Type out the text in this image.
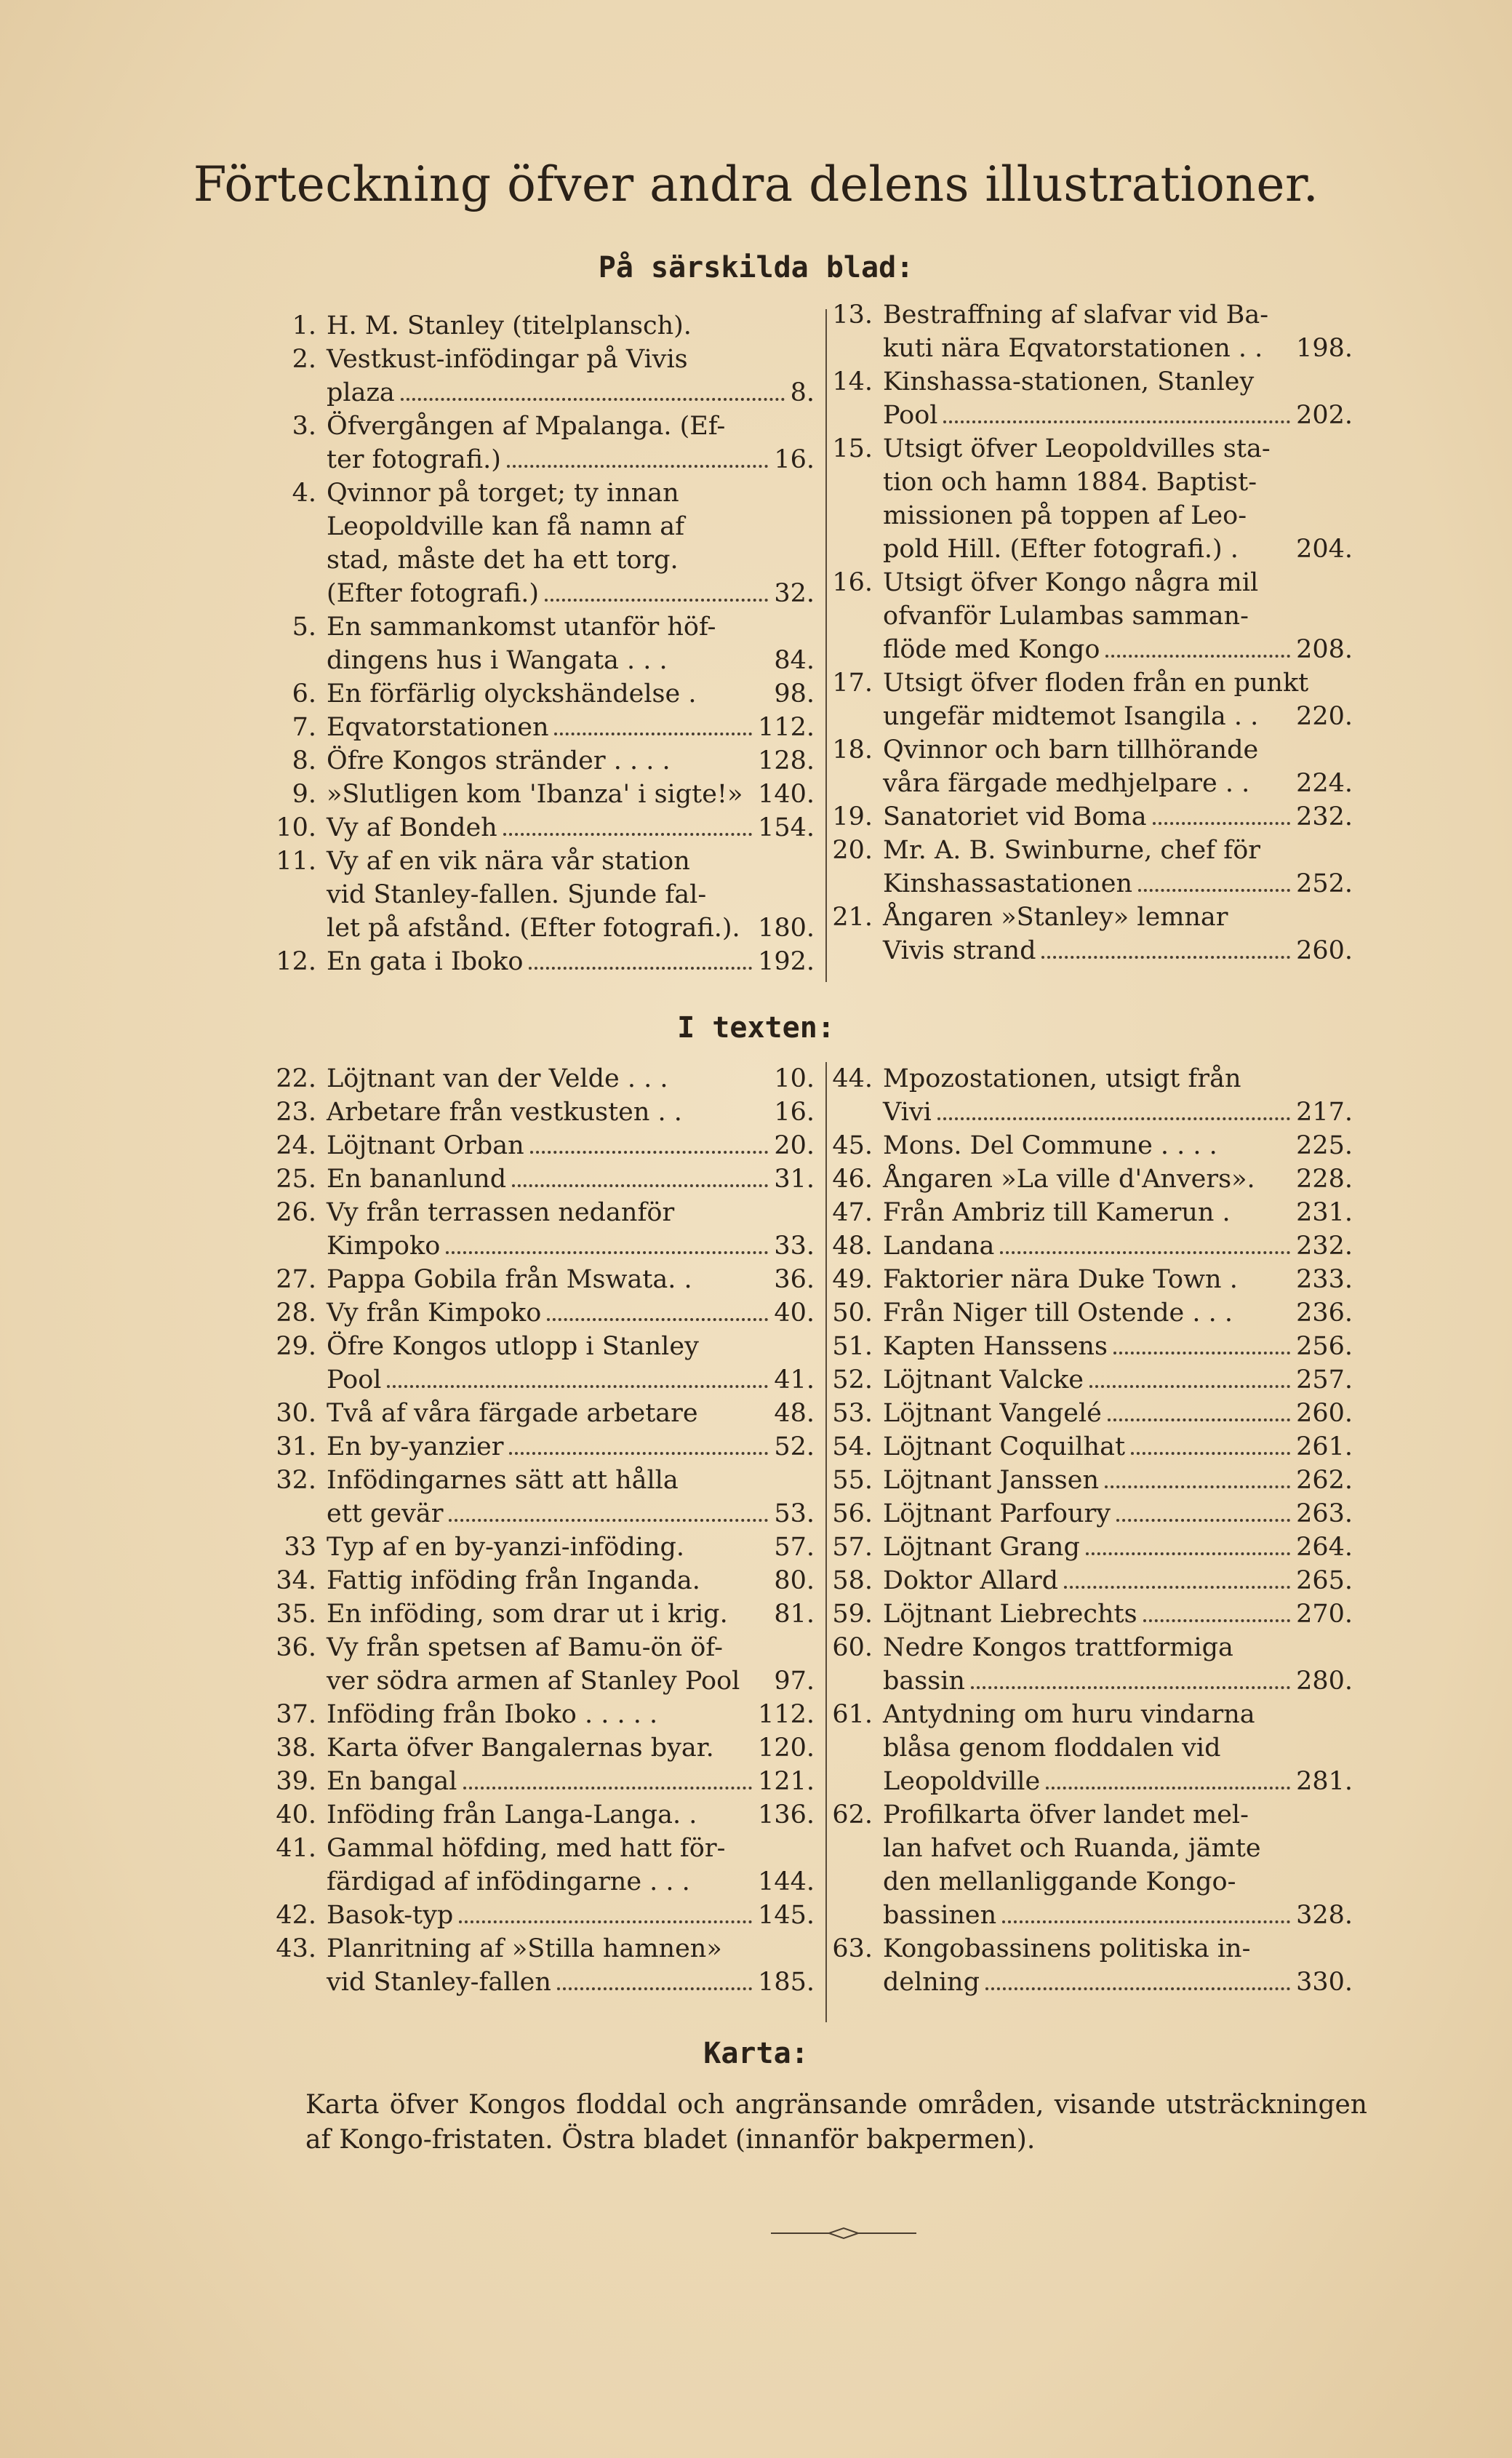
Förteckning öfver andra delens illustrationer.
På särskilda blad:
1. H. M. Stanley (titelplansch).
2. Vestkust-infödingar på Vivis
plaza	8.
3. Öfvergången af Mpalanga. (Ef-
ter fotografi.)	16.
4. Qvinnor på torget; ty innan
Leopoldville kan få namn af
stad, måste det ha ett torg.
(Efter fotografi.)	32.
5. En sammankomst utanför höf-
dingens hus i Wangata . . .	84.
6. En förfärlig olyckshändelse .	98.
7. Eqvatorstationen	112.
8. Öfre Kongos stränder . . . .	128.
9. »Slutligen kom 'Ibanza' i sigte!» 140.
10. Vy af Bondeh	154.
11. Vy af en vik nära vår station
vid Stanley-fallen. Sjunde fal-
let på afstånd. (Efter fotografi.). 180.
12. En gata i Iboko	192.
13. Bestraffning af slafvar vid Ba-
kuti nära Eqvatorstationen . . 198.
14. Kinshassa-stationen, Stanley
Pool	202.
15. Utsigt öfver Leopoldvilles sta-
tion och hamn 1884. Baptist-
missionen på toppen af Leo-
pold Hill. (Efter fotografi.) . 204.
16. Utsigt öfver Kongo några mil
ofvanför Lulambas samman-
flöde med Kongo	208.
17. Utsigt öfver floden från en punkt
ungefär midtemot Isangila . . 220.
18. Qvinnor och barn tillhörande
våra färgade medhjelpare . . 224.
19. Sanatoriet vid Boma	232.
20. Mr. A. B. Swinburne, chef för
Kinshassastationen	252.
21. Ångaren »Stanley» lemnar
Vivis strand	260.
I texten:
22. Löjtnant van der Velde . . .	10.
23. Arbetare från vestkusten . .	16.
24. Löjtnant Orban	20.
25. En bananlund	31.
26. Vy från terrassen nedanför
Kimpoko	33.
27. Pappa Gobila från Mswata. .	36.
28. Vy från Kimpoko	40.
29. Öfre Kongos utlopp i Stanley
Pool	41.
30. Två af våra färgade arbetare	48.
31. En by-yanzier	52.
32. Infödingarnes sätt att hålla
ett gevär	53.
33 Typ af en by-yanzi-inföding.	57.
34. Fattig inföding från Inganda.	80.
35. En inföding, som drar ut i krig. 81.
36. Vy från spetsen af Bamu-ön öf-
ver södra armen af Stanley Pool 97.
37. Inföding från Iboko . . . . .	112.
38. Karta öfver Bangalernas byar. 120.
39. En bangal	121.
40. Inföding från Langa-Langa. . 136.
41. Gammal höfding, med hatt för-
färdigad af infödingarne . . .	144.
42. Basok-typ	145.
43. Planritning af »Stilla hamnen»
vid Stanley-fallen	185.
44. Mpozostationen, utsigt från
Vivi	217.
45. Mons. Del Commune . . . .	225.
46. Ångaren »La ville d'Anvers». 228.
47. Från Ambriz till Kamerun .	231.
48. Landana	232.
49. Faktorier nära Duke Town . 233.
50. Från Niger till Ostende . . . 236.
51. Kapten Hanssens	256.
52. Löjtnant Valcke	257.
53. Löjtnant Vangelé	260.
54. Löjtnant Coquilhat	261.
55. Löjtnant Janssen	262.
56. Löjtnant Parfoury	263.
57. Löjtnant Grang	264.
58. Doktor Allard	265.
59. Löjtnant Liebrechts	270.
60. Nedre Kongos trattformiga
bassin	280.
61. Antydning om huru vindarna
blåsa genom floddalen vid
Leopoldville	281.
62. Profilkarta öfver landet mel-
lan hafvet och Ruanda, jämte
den mellanliggande Kongo-
bassinen	328.
63. Kongobassinens politiska in-
delning	330.
Karta:
Karta öfver Kongos floddal och angränsande områden, visande utsträckningen af Kongo-fristaten. Östra bladet (innanför bakpermen).
